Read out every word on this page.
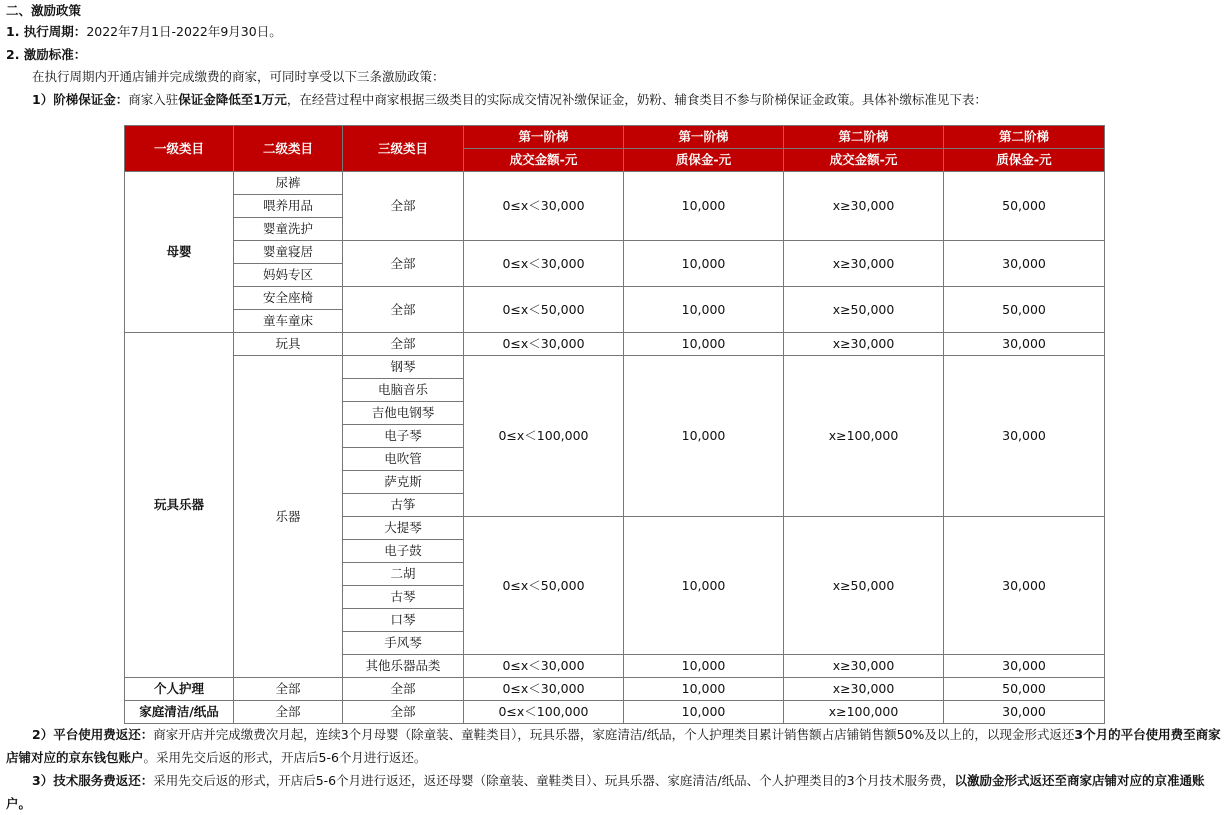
二、激励政策
1. 执行周期：2022年7月1日-2022年9月30日。
2. 激励标准：
在执行周期内开通店铺并完成缴费的商家，可同时享受以下三条激励政策：
1）阶梯保证金：商家入驻保证金降低至1万元，在经营过程中商家根据三级类目的实际成交情况补缴保证金，奶粉、辅食类目不参与阶梯保证金政策。具体补缴标准见下表：
一级类目	二级类目	三级类目	第一阶梯	第一阶梯	第二阶梯	第二阶梯
			成交金额-元	质保金-元	成交金额-元	质保金-元
母婴	尿裤	全部	0≤x＜30,000	10,000	x≥30,000	50,000
	喂养用品					
	婴童洗护					
	婴童寝居	全部	0≤x＜30,000	10,000	x≥30,000	30,000
	妈妈专区					
	安全座椅	全部	0≤x＜50,000	10,000	x≥50,000	50,000
	童车童床					
玩具乐器	玩具	全部	0≤x＜30,000	10,000	x≥30,000	30,000
	乐器	钢琴	0≤x＜100,000	10,000	x≥100,000	30,000
		电脑音乐				
		吉他电钢琴				
		电子琴				
		电吹管				
		萨克斯				
		古筝				
		大提琴	0≤x＜50,000	10,000	x≥50,000	30,000
		电子鼓				
		二胡				
		古琴				
		口琴				
		手风琴				
		其他乐器品类	0≤x＜30,000	10,000	x≥30,000	30,000
个人护理	全部	全部	0≤x＜30,000	10,000	x≥30,000	50,000
家庭清洁/纸品	全部	全部	0≤x＜100,000	10,000	x≥100,000	30,000
2）平台使用费返还：商家开店并完成缴费次月起，连续3个月母婴（除童装、童鞋类目），玩具乐器，家庭清洁/纸品，个人护理类目累计销售额占店铺销售额50%及以上的，以现金形式返还3个月的平台使用费至商家店铺对应的京东钱包账户。采用先交后返的形式，开店后5-6个月进行返还。
3）技术服务费返还：采用先交后返的形式，开店后5-6个月进行返还，返还母婴（除童装、童鞋类目）、玩具乐器、家庭清洁/纸品、个人护理类目的3个月技术服务费，以激励金形式返还至商家店铺对应的京准通账户。
